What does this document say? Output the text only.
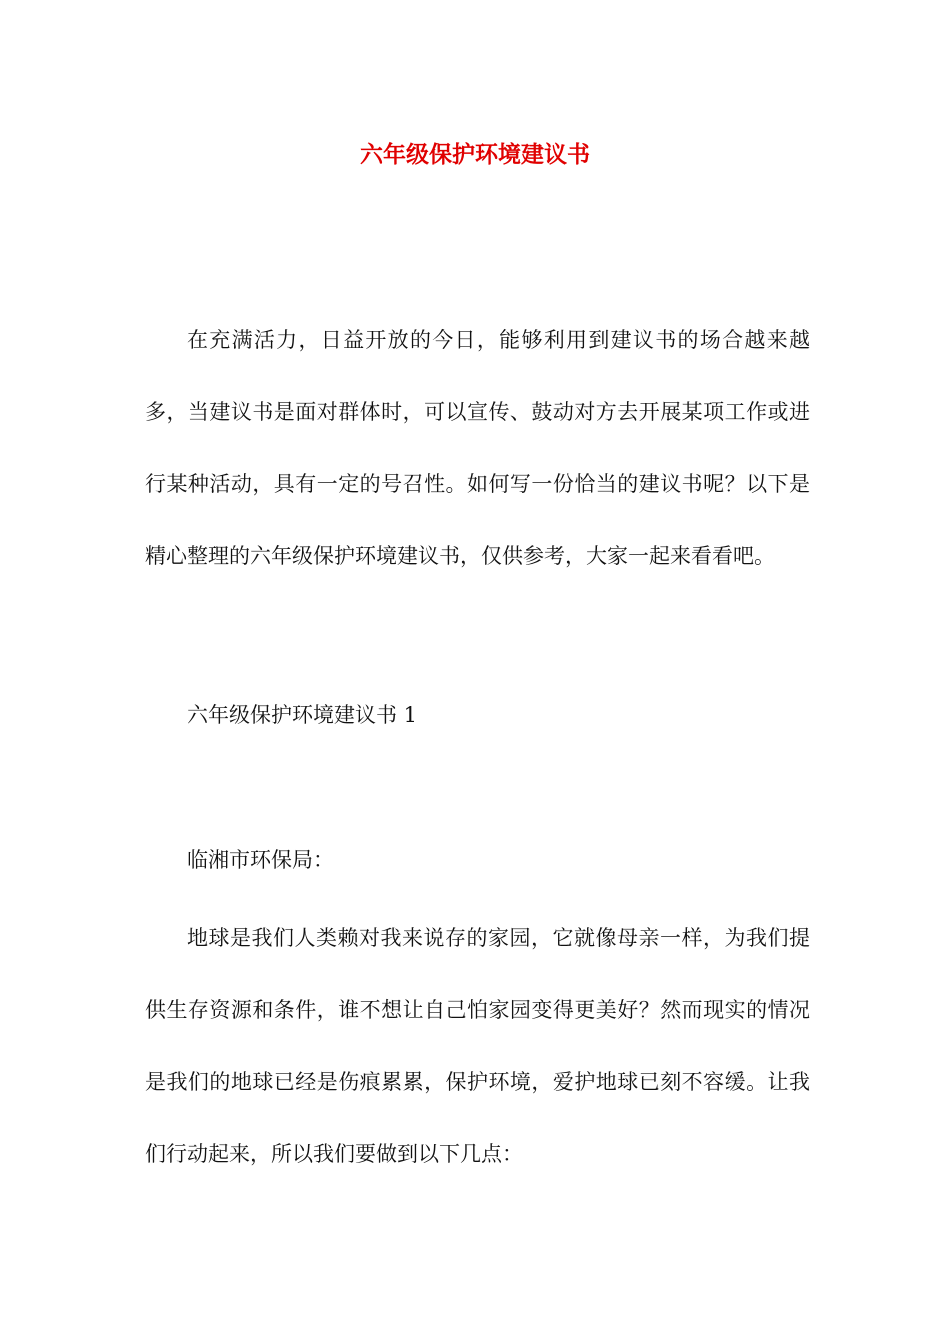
六年级保护环境建议书

在充满活力，日益开放的今日，能够利用到建议书的场合越来越多，当建议书是面对群体时，可以宣传、鼓动对方去开展某项工作或进行某种活动，具有一定的号召性。如何写一份恰当的建议书呢？以下是精心整理的六年级保护环境建议书，仅供参考，大家一起来看看吧。

六年级保护环境建议书 1

临湘市环保局：

地球是我们人类赖对我来说存的家园，它就像母亲一样，为我们提供生存资源和条件，谁不想让自己怕家园变得更美好？然而现实的情况是我们的地球已经是伤痕累累，保护环境，爱护地球已刻不容缓。让我们行动起来，所以我们要做到以下几点：
